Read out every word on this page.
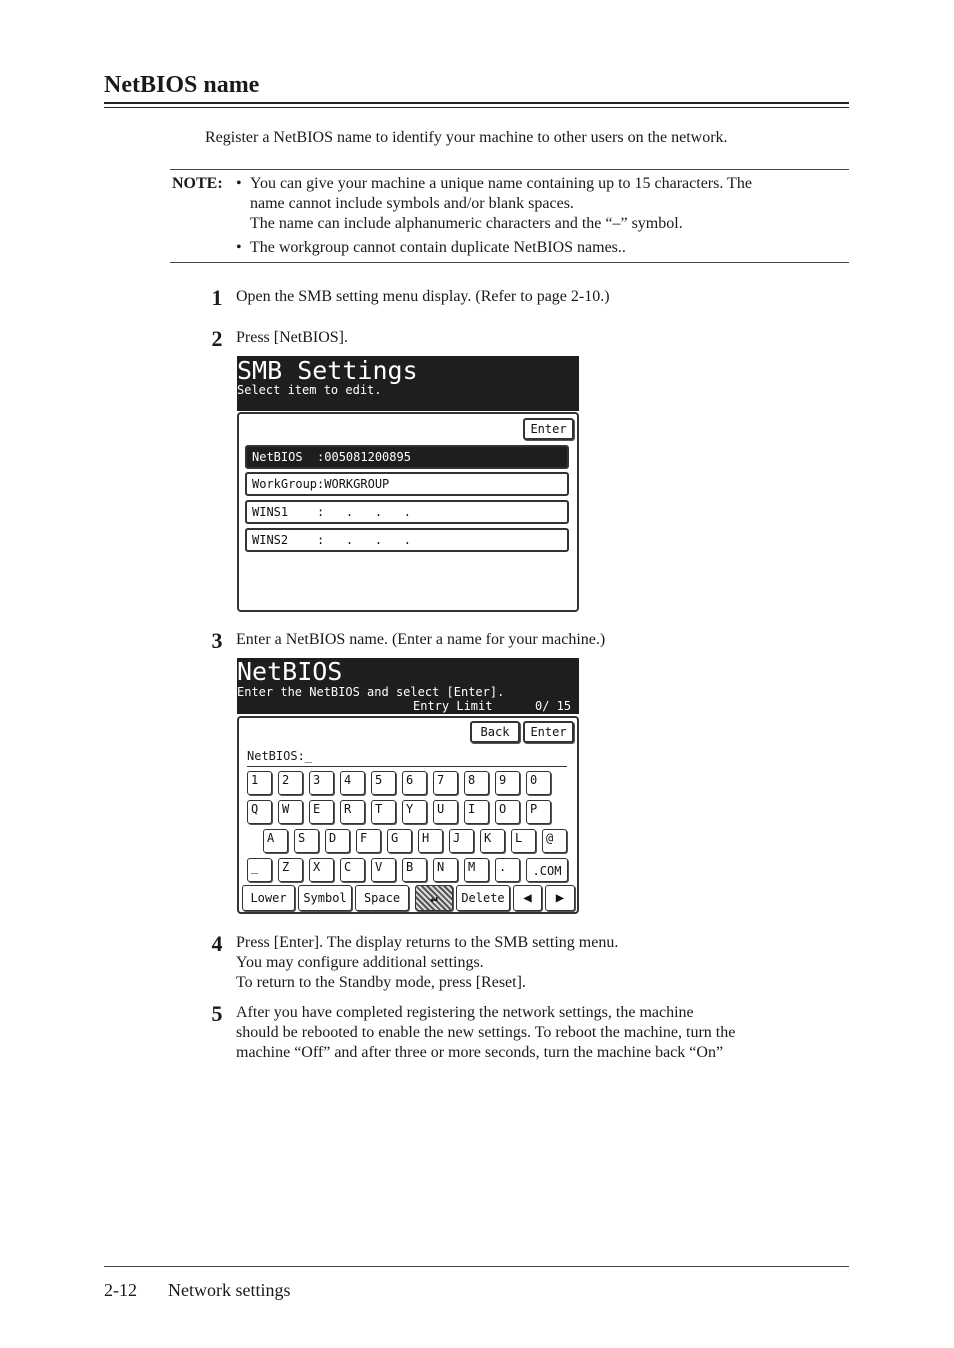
NetBIOS name
Register a NetBIOS name to identify your machine to other users on the network.
NOTE: • You can give your machine a unique name containing up to 15 characters. The
name cannot include symbols and/or blank spaces.
The name can include alphanumeric characters and the “–” symbol.
• The workgroup cannot contain duplicate NetBIOS names..
1 Open the SMB setting menu display. (Refer to page 2-10.)
2 Press [NetBIOS].
SMB Settings
Select item to edit.
Enter
NetBIOS  :005081200895
WorkGroup:WORKGROUP
WINS1    :   .   .   .
WINS2    :   .   .   .
3 Enter a NetBIOS name. (Enter a name for your machine.)
NetBIOS
Enter the NetBIOS and select [Enter].
Entry Limit	0/ 15
Back	Enter
NetBIOS:_
1	2	3	4	5	6	7	8	9	0
Q	W	E	R	T	Y	U	I	O	P
A	S	D	F	G	H	J	K	L	@
_	Z	X	C	V	B	N	M	.	.COM
Lower	Symbol	Space	↵	Delete	◀	▶
4 Press [Enter]. The display returns to the SMB setting menu.
You may configure additional settings.
To return to the Standby mode, press [Reset].
5 After you have completed registering the network settings, the machine
should be rebooted to enable the new settings. To reboot the machine, turn the
machine “Off” and after three or more seconds, turn the machine back “On”
2-12 Network settings
